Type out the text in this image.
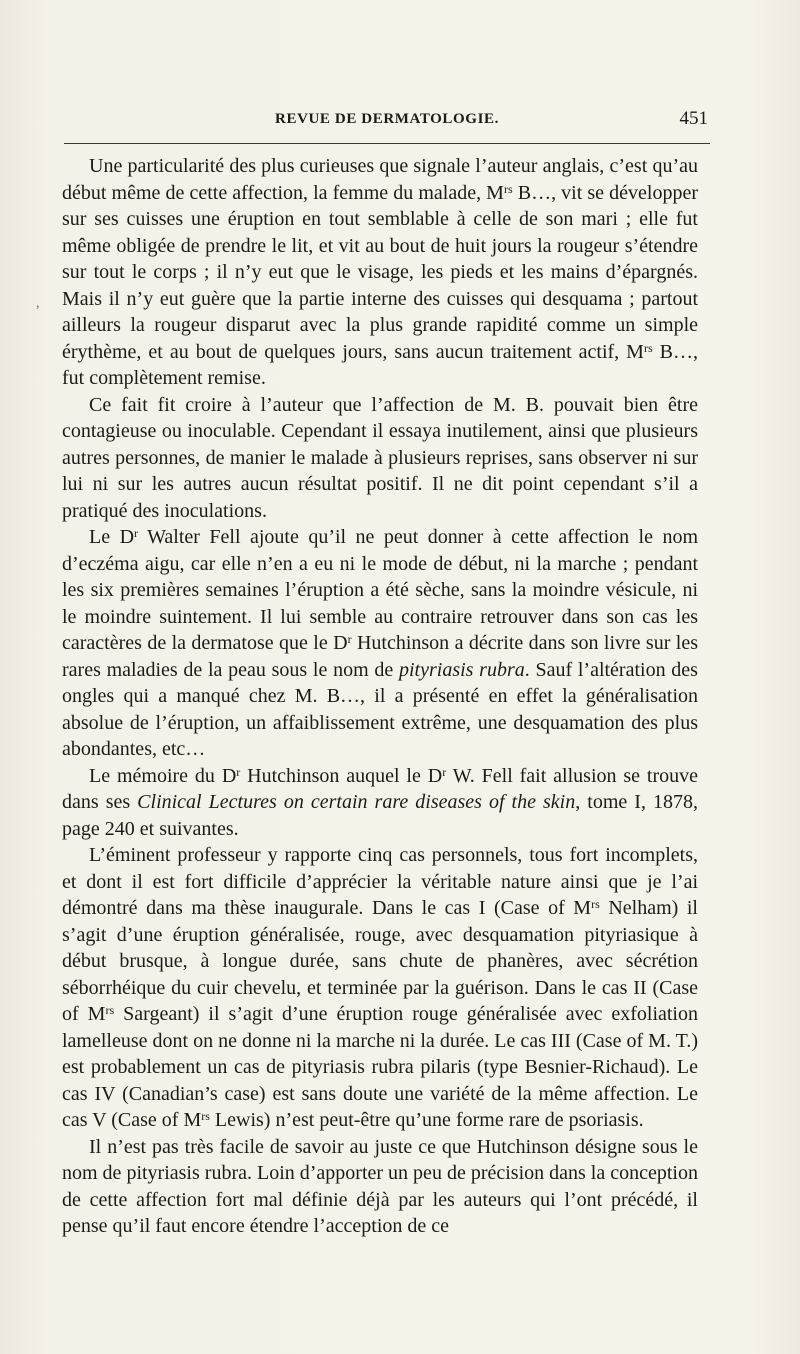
REVUE DE DERMATOLOGIE.	451
,

Une particularité des plus curieuses que signale l’auteur anglais, c’est qu’au début même de cette affection, la femme du malade, $M^{rs}$ B…, vit se développer sur ses cuisses une éruption en tout semblable à celle de son mari ; elle fut même obligée de prendre le lit, et vit au bout de huit jours la rougeur s’étendre sur tout le corps ; il n’y eut que le visage, les pieds et les mains d’épargnés. Mais il n’y eut guère que la partie interne des cuisses qui desquama ; partout ailleurs la rougeur disparut avec la plus grande rapidité comme un simple érythème, et au bout de quelques jours, sans aucun traitement actif, $M^{rs}$ B…, fut complètement remise.

Ce fait fit croire à l’auteur que l’affection de M. B. pouvait bien être contagieuse ou inoculable. Cependant il essaya inutilement, ainsi que plusieurs autres personnes, de manier le malade à plusieurs reprises, sans observer ni sur lui ni sur les autres aucun résultat positif. Il ne dit point cependant s’il a pratiqué des inoculations.

Le $D^r$ Walter Fell ajoute qu’il ne peut donner à cette affection le nom d’eczéma aigu, car elle n’en a eu ni le mode de début, ni la marche ; pendant les six premières semaines l’éruption a été sèche, sans la moindre vésicule, ni le moindre suintement. Il lui semble au contraire retrouver dans son cas les caractères de la dermatose que le $D^r$ Hutchinson a décrite dans son livre sur les rares maladies de la peau sous le nom de pityriasis rubra. Sauf l’altération des ongles qui a manqué chez M. B…, il a présenté en effet la généralisation absolue de l’éruption, un affaiblissement extrême, une desquamation des plus abondantes, etc…

Le mémoire du $D^r$ Hutchinson auquel le $D^r$ W. Fell fait allusion se trouve dans ses Clinical Lectures on certain rare diseases of the skin, tome I, 1878, page 240 et suivantes.

L’éminent professeur y rapporte cinq cas personnels, tous fort incomplets, et dont il est fort difficile d’apprécier la véritable nature ainsi que je l’ai démontré dans ma thèse inaugurale. Dans le cas I (Case of $M^{rs}$ Nelham) il s’agit d’une éruption généralisée, rouge, avec desquamation pityriasique à début brusque, à longue durée, sans chute de phanères, avec sécrétion séborrhéique du cuir chevelu, et terminée par la guérison. Dans le cas II (Case of $M^{rs}$ Sargeant) il s’agit d’une éruption rouge généralisée avec exfoliation lamelleuse dont on ne donne ni la marche ni la durée. Le cas III (Case of M. T.) est probablement un cas de pityriasis rubra pilaris (type Besnier-Richaud). Le cas IV (Canadian’s case) est sans doute une variété de la même affection. Le cas V (Case of $M^{rs}$ Lewis) n’est peut-être qu’une forme rare de psoriasis.

Il n’est pas très facile de savoir au juste ce que Hutchinson désigne sous le nom de pityriasis rubra. Loin d’apporter un peu de précision dans la conception de cette affection fort mal définie déjà par les auteurs qui l’ont précédé, il pense qu’il faut encore étendre l’acception de ce
